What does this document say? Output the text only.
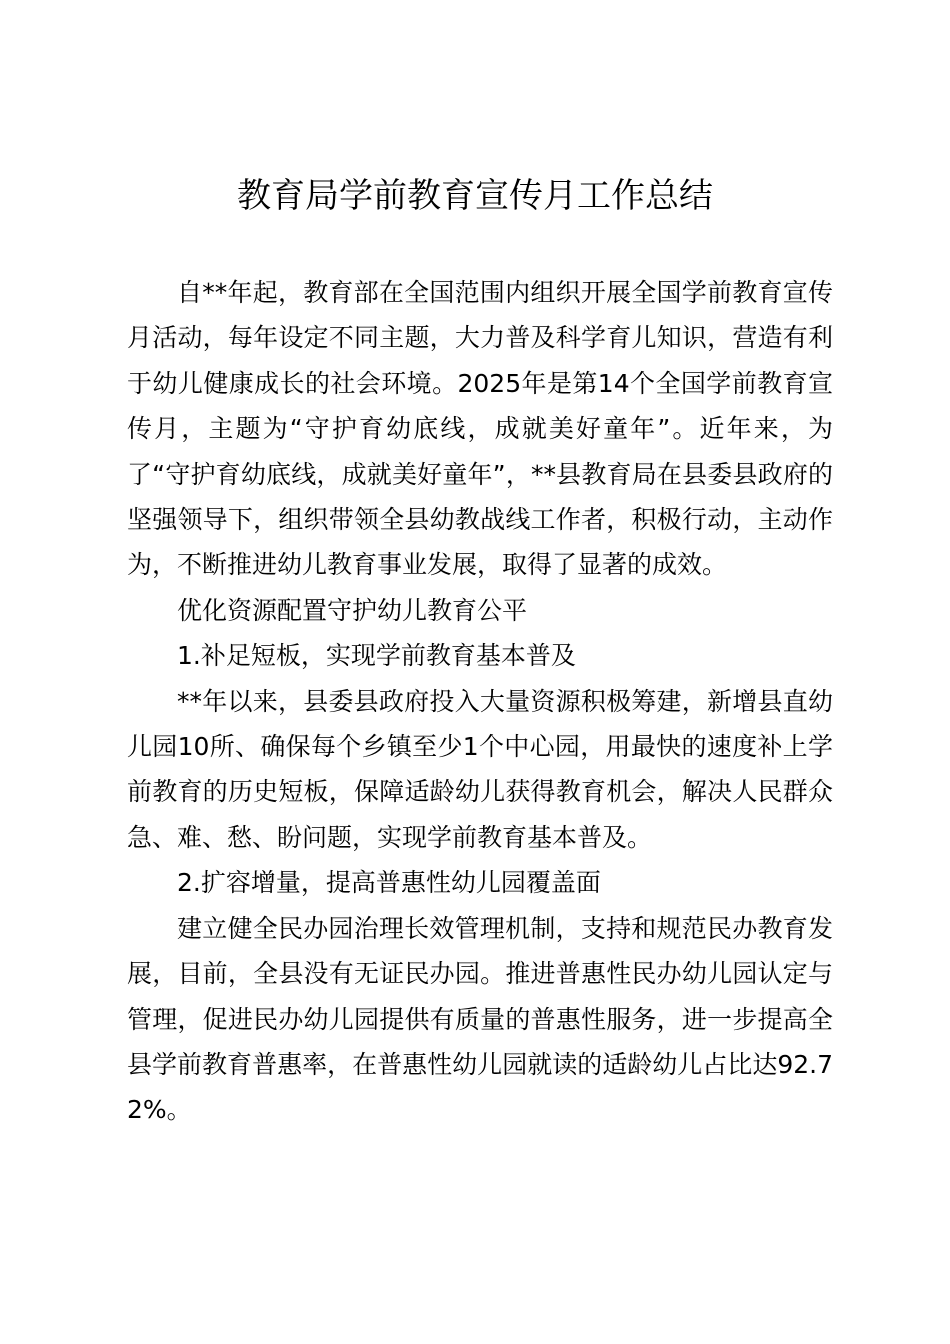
教育局学前教育宣传月工作总结

自**年起，教育部在全国范围内组织开展全国学前教育宣传月活动，每年设定不同主题，大力普及科学育儿知识，营造有利于幼儿健康成长的社会环境。2025年是第14个全国学前教育宣传月，主题为“守护育幼底线，成就美好童年”。近年来，为了“守护育幼底线，成就美好童年”，**县教育局在县委县政府的坚强领导下，组织带领全县幼教战线工作者，积极行动，主动作为，不断推进幼儿教育事业发展，取得了显著的成效。

优化资源配置守护幼儿教育公平

1.补足短板，实现学前教育基本普及

**年以来，县委县政府投入大量资源积极筹建，新增县直幼儿园10所、确保每个乡镇至少1个中心园，用最快的速度补上学前教育的历史短板，保障适龄幼儿获得教育机会，解决人民群众急、难、愁、盼问题，实现学前教育基本普及。

2.扩容增量，提高普惠性幼儿园覆盖面

建立健全民办园治理长效管理机制，支持和规范民办教育发展，目前，全县没有无证民办园。推进普惠性民办幼儿园认定与管理，促进民办幼儿园提供有质量的普惠性服务，进一步提高全县学前教育普惠率，在普惠性幼儿园就读的适龄幼儿占比达92.72%。
